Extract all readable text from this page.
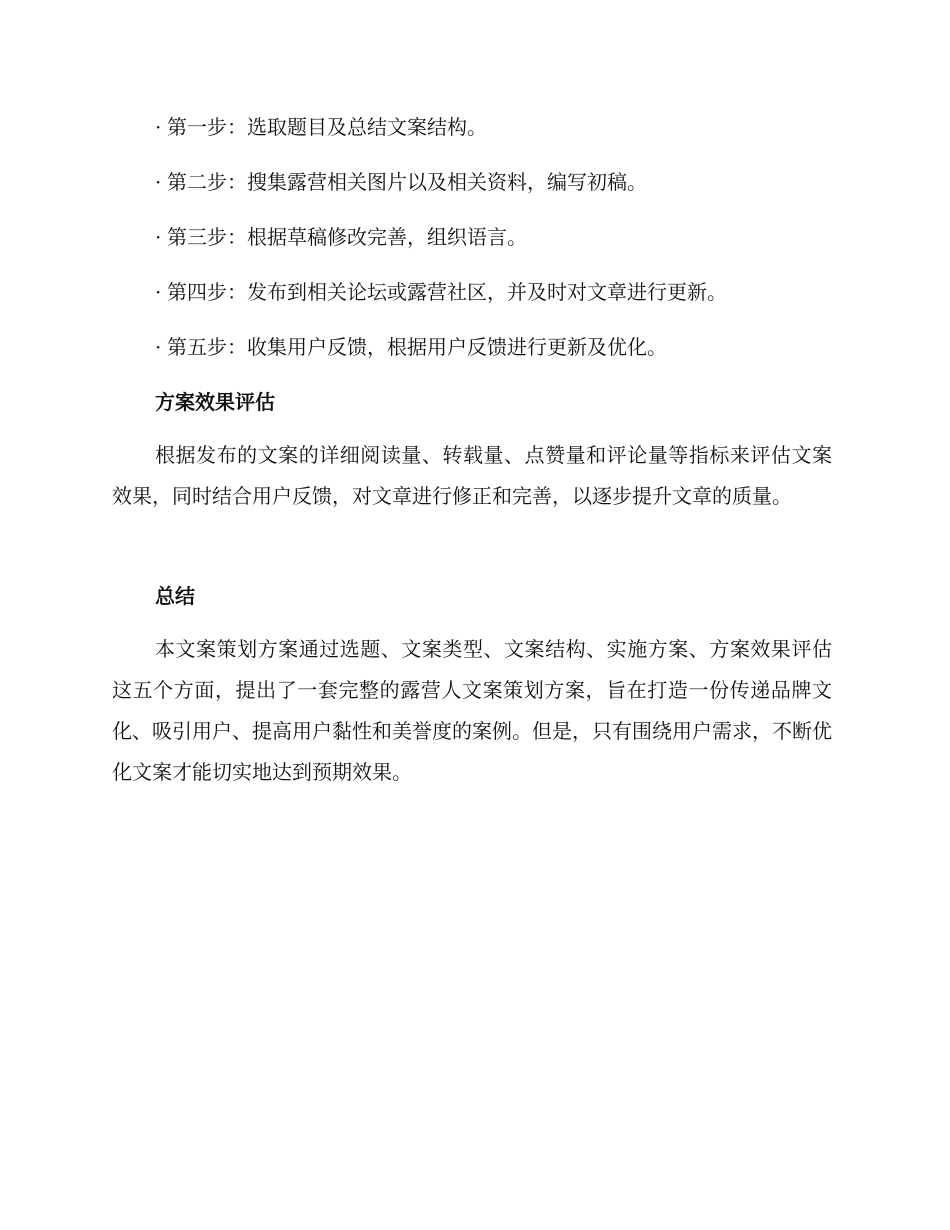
· 第一步：选取题目及总结文案结构。
· 第二步：搜集露营相关图片以及相关资料，编写初稿。
· 第三步：根据草稿修改完善，组织语言。
· 第四步：发布到相关论坛或露营社区，并及时对文章进行更新。
· 第五步：收集用户反馈，根据用户反馈进行更新及优化。
方案效果评估
根据发布的文案的详细阅读量、转载量、点赞量和评论量等指标来评估文案效果，同时结合用户反馈，对文章进行修正和完善，以逐步提升文章的质量。
总结
本文案策划方案通过选题、文案类型、文案结构、实施方案、方案效果评估这五个方面，提出了一套完整的露营人文案策划方案，旨在打造一份传递品牌文化、吸引用户、提高用户黏性和美誉度的案例。但是，只有围绕用户需求，不断优化文案才能切实地达到预期效果。
